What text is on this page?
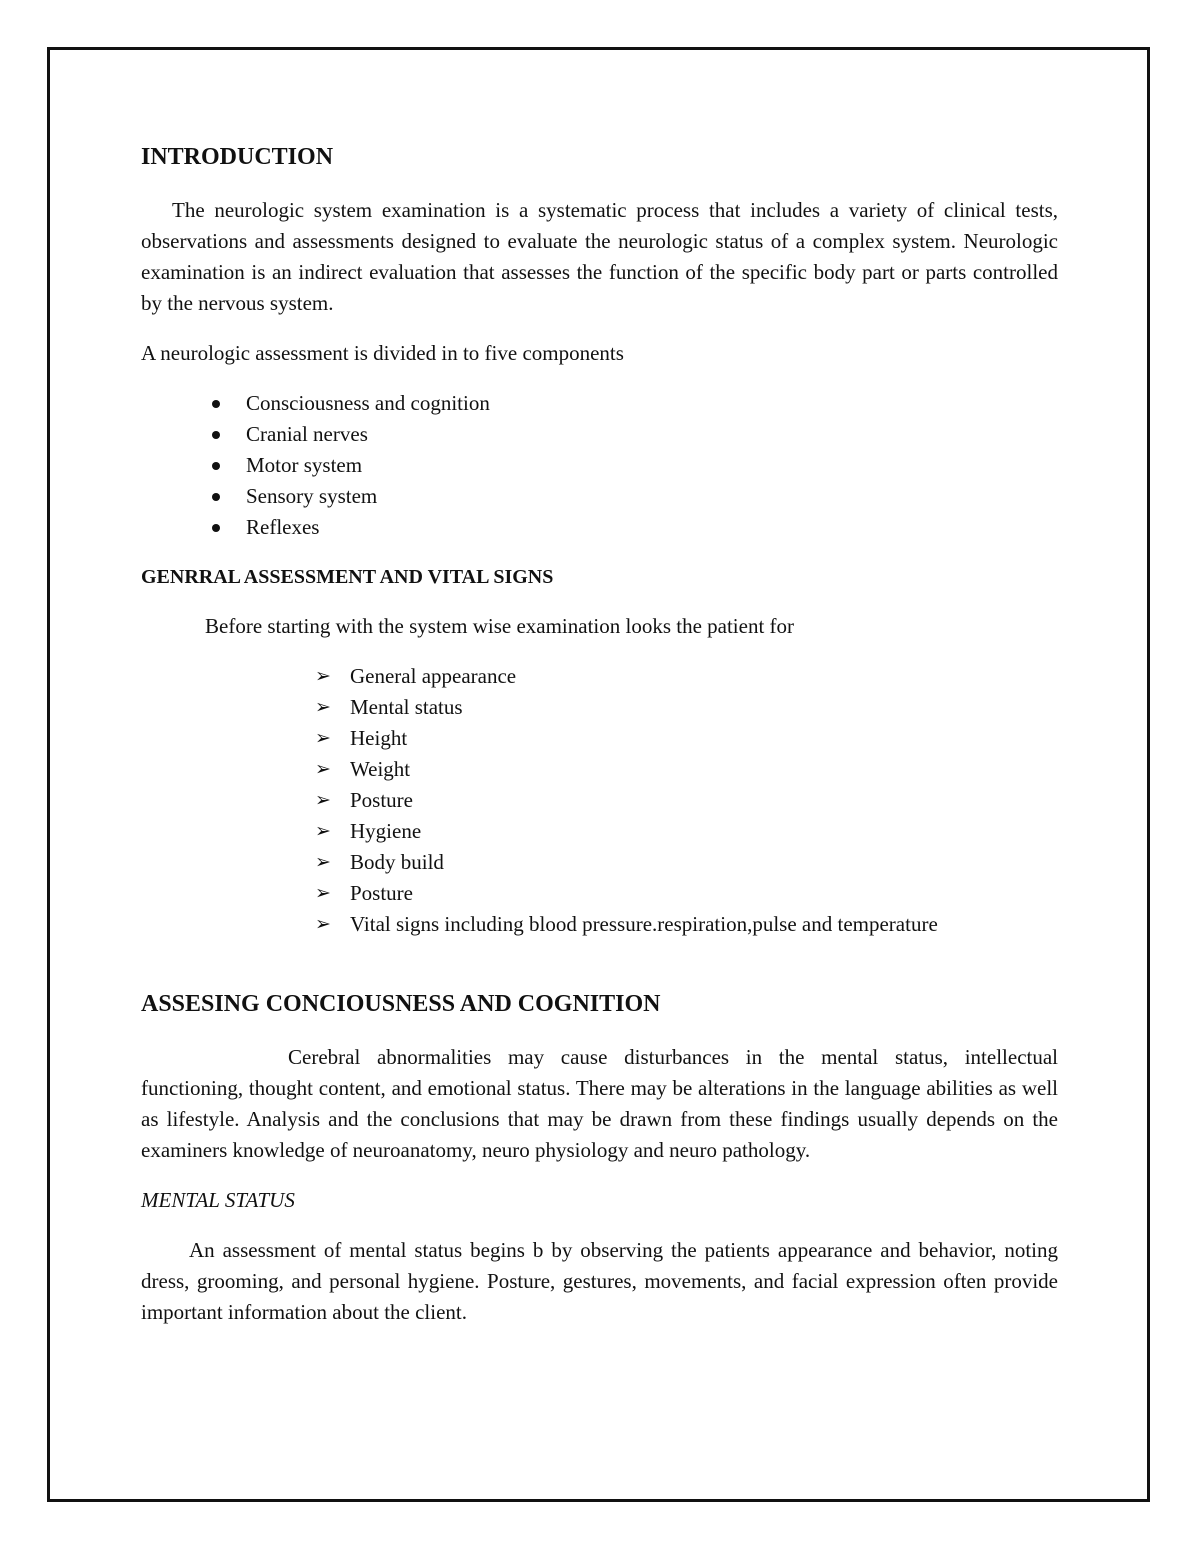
INTRODUCTION

The neurologic system examination is a systematic process that includes a variety of clinical tests, observations and assessments designed to evaluate the neurologic status of a complex system. Neurologic examination is an indirect evaluation that assesses the function of the specific body part or parts controlled by the nervous system.

A neurologic assessment is divided in to five components

Consciousness and cognition
Cranial nerves
Motor system
Sensory system
Reflexes
GENRRAL ASSESSMENT AND VITAL SIGNS

Before starting with the system wise examination looks the patient for

➢ General appearance
➢ Mental status
➢ Height
➢ Weight
➢ Posture
➢ Hygiene
➢ Body build
➢ Posture
➢ Vital signs including blood pressure.respiration,pulse and temperature
ASSESING CONCIOUSNESS AND COGNITION

Cerebral abnormalities may cause disturbances in the mental status, intellectual functioning, thought content, and emotional status. There may be alterations in the language abilities as well as lifestyle. Analysis and the conclusions that may be drawn from these findings usually depends on the examiners knowledge of neuroanatomy, neuro physiology and neuro pathology.

MENTAL STATUS

An assessment of mental status begins b by observing the patients appearance and behavior, noting dress, grooming, and personal hygiene. Posture, gestures, movements, and facial expression often provide important information about the client.
